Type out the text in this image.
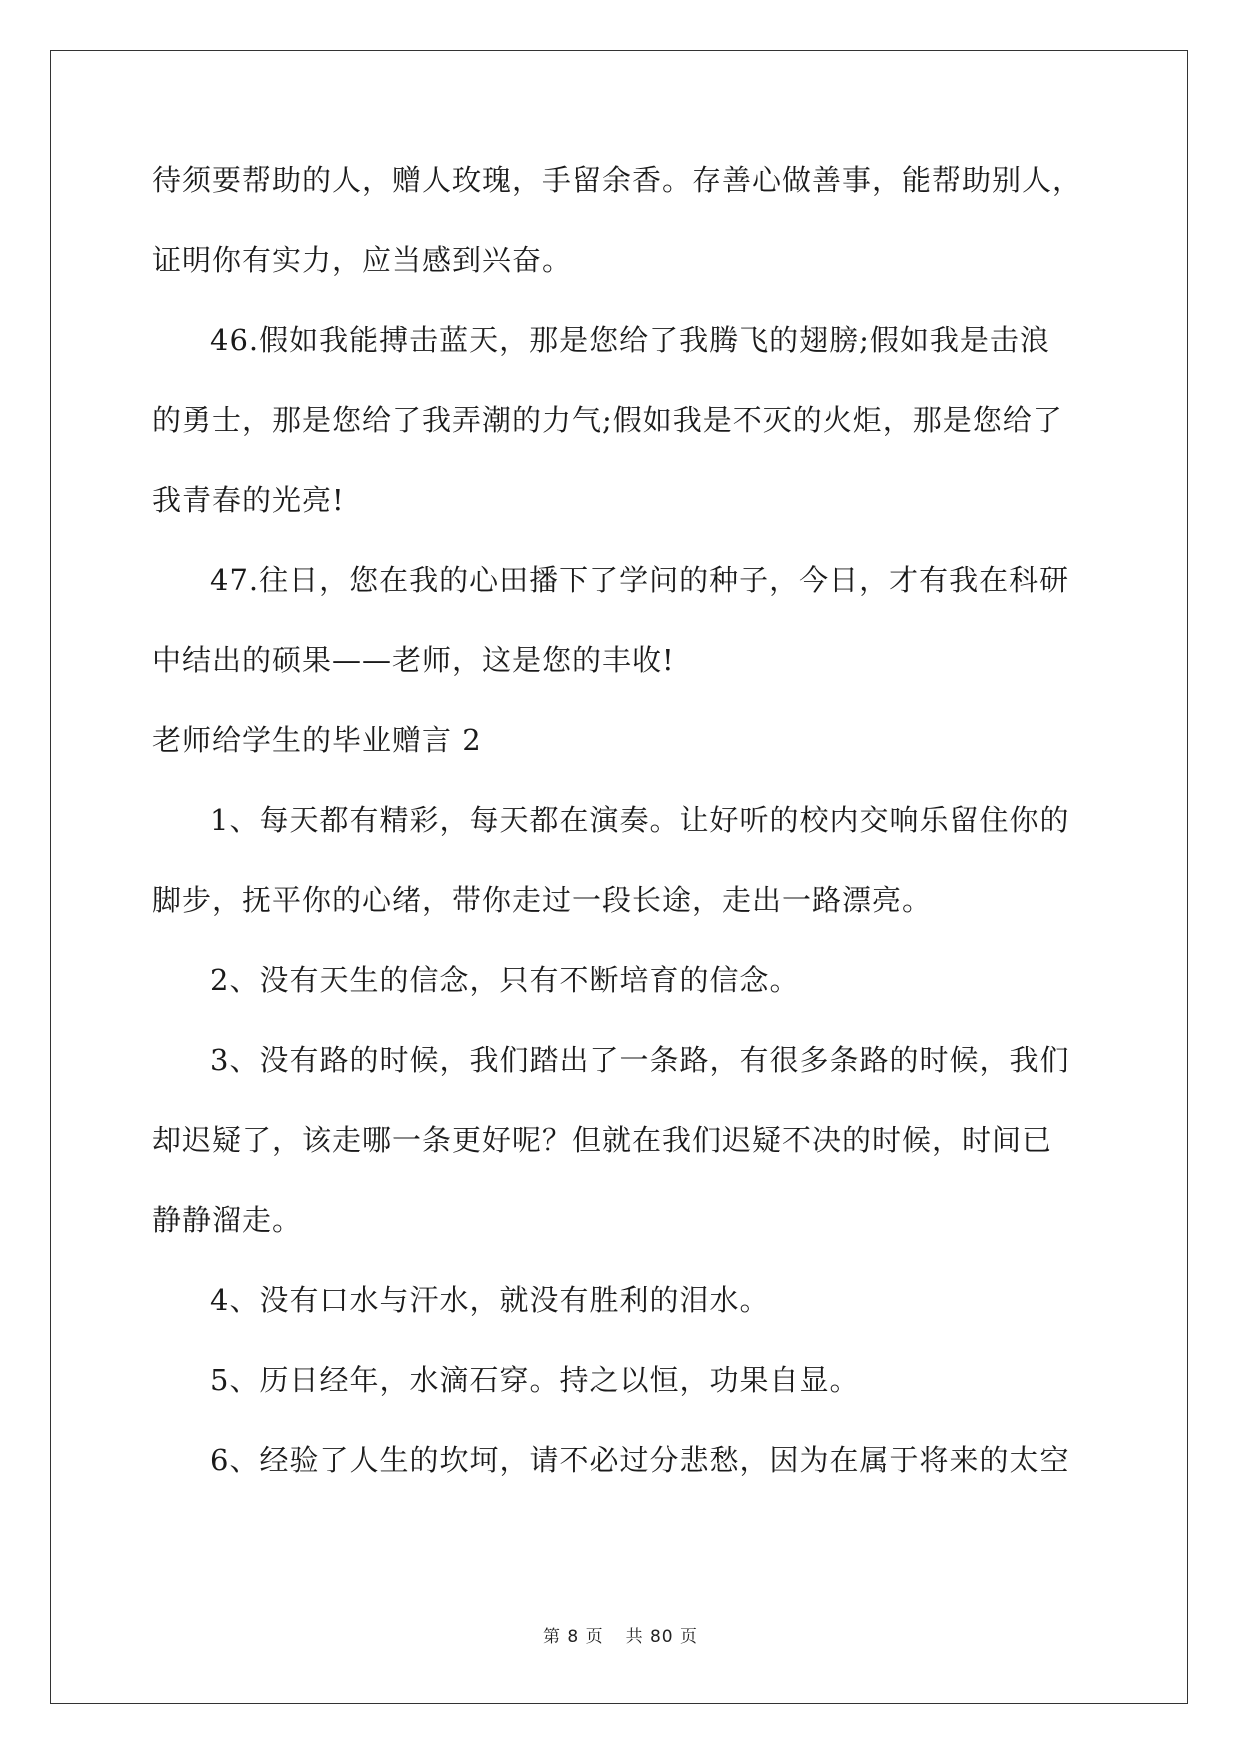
待须要帮助的人，赠人玫瑰，手留余香。存善心做善事，能帮助别人，
证明你有实力，应当感到兴奋。
46.假如我能搏击蓝天，那是您给了我腾飞的翅膀;假如我是击浪
的勇士，那是您给了我弄潮的力气;假如我是不灭的火炬，那是您给了
我青春的光亮!
47.往日，您在我的心田播下了学问的种子，今日，才有我在科研
中结出的硕果——老师，这是您的丰收!
老师给学生的毕业赠言 2
1、每天都有精彩，每天都在演奏。让好听的校内交响乐留住你的
脚步，抚平你的心绪，带你走过一段长途，走出一路漂亮。
2、没有天生的信念，只有不断培育的信念。
3、没有路的时候，我们踏出了一条路，有很多条路的时候，我们
却迟疑了，该走哪一条更好呢？但就在我们迟疑不决的时候，时间已
静静溜走。
4、没有口水与汗水，就没有胜利的泪水。
5、历日经年，水滴石穿。持之以恒，功果自显。
6、经验了人生的坎坷，请不必过分悲愁，因为在属于将来的太空
第 8 页 共 80 页
